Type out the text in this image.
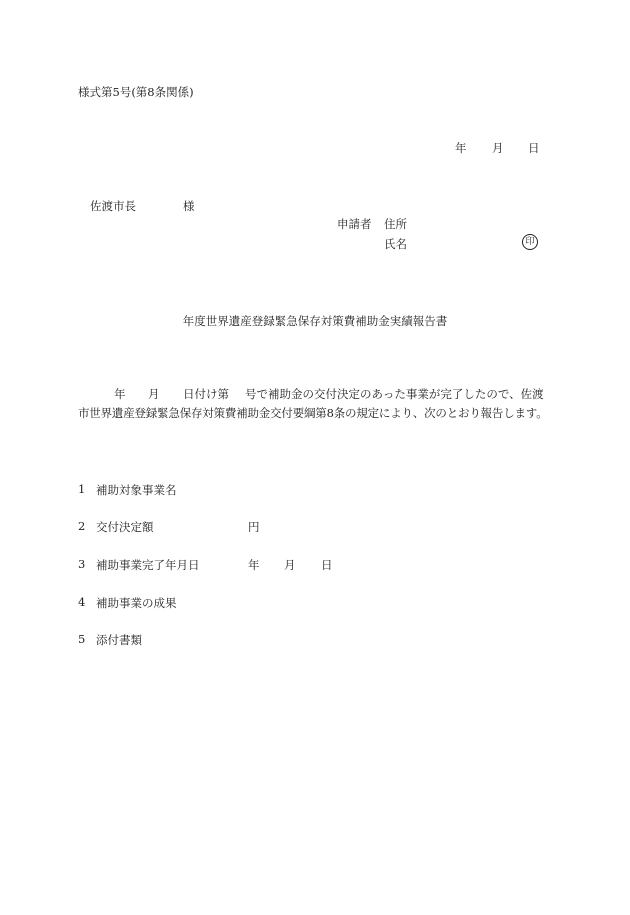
様式第5号(第8条関係)
年 月 日
佐渡市長	様
申請者 住所
氏名	印
年度世界遺産登録緊急保存対策費補助金実績報告書
年 月 日付け第 号で補助金の交付決定のあった事業が完了したので、佐渡
市世界遺産登録緊急保存対策費補助金交付要綱第8条の規定により、次のとおり報告します。
1 補助対象事業名
2 交付決定額	円
3 補助事業完了年月日	年 月 日
4 補助事業の成果
5 添付書類
